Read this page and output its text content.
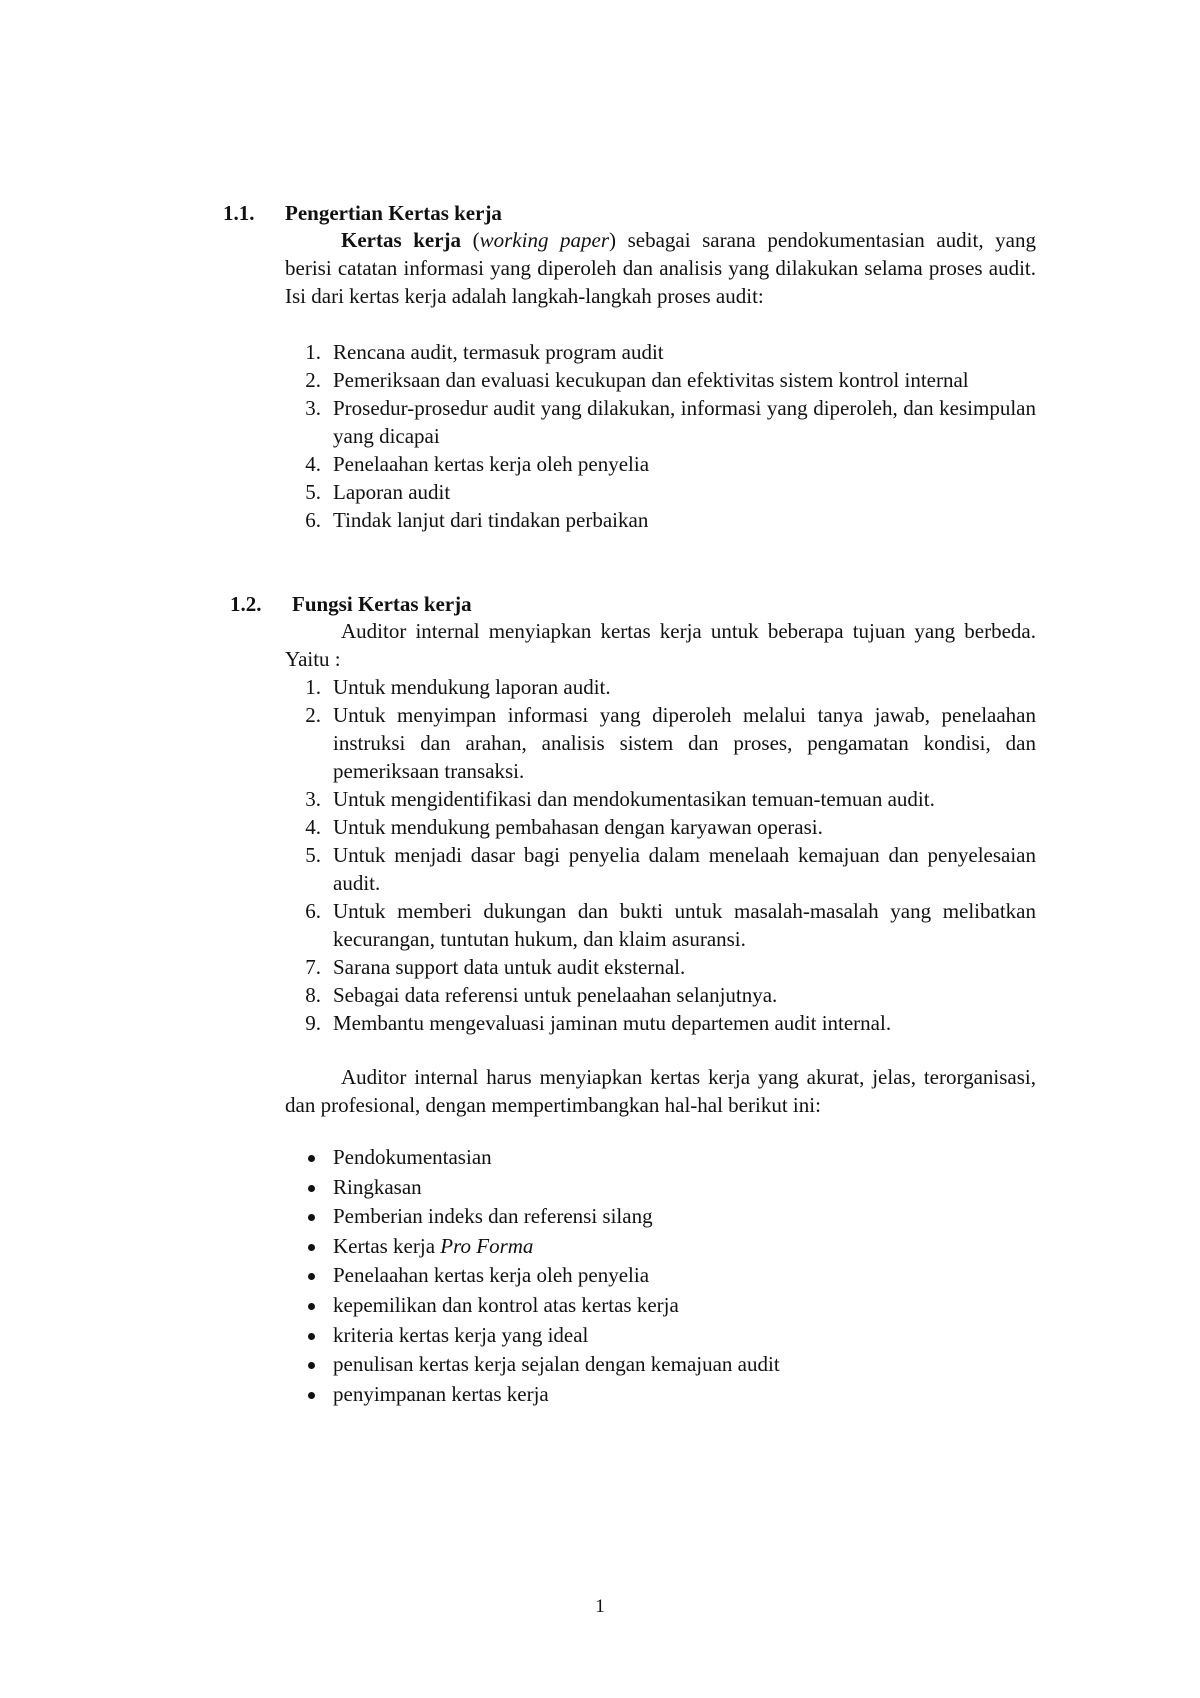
1.1. Pengertian Kertas kerja
Kertas kerja (working paper) sebagai sarana pendokumentasian audit, yang berisi catatan informasi yang diperoleh dan analisis yang dilakukan selama proses audit. Isi dari kertas kerja adalah langkah-langkah proses audit:
1. Rencana audit, termasuk program audit
2. Pemeriksaan dan evaluasi kecukupan dan efektivitas sistem kontrol internal
3. Prosedur-prosedur audit yang dilakukan, informasi yang diperoleh, dan kesimpulan yang dicapai
4. Penelaahan kertas kerja oleh penyelia
5. Laporan audit
6. Tindak lanjut dari tindakan perbaikan
1.2. Fungsi Kertas kerja
Auditor internal menyiapkan kertas kerja untuk beberapa tujuan yang berbeda. Yaitu :
1. Untuk mendukung laporan audit.
2. Untuk menyimpan informasi yang diperoleh melalui tanya jawab, penelaahan instruksi dan arahan, analisis sistem dan proses, pengamatan kondisi, dan pemeriksaan transaksi.
3. Untuk mengidentifikasi dan mendokumentasikan temuan-temuan audit.
4. Untuk mendukung pembahasan dengan karyawan operasi.
5. Untuk menjadi dasar bagi penyelia dalam menelaah kemajuan dan penyelesaian audit.
6. Untuk memberi dukungan dan bukti untuk masalah-masalah yang melibatkan kecurangan, tuntutan hukum, dan klaim asuransi.
7. Sarana support data untuk audit eksternal.
8. Sebagai data referensi untuk penelaahan selanjutnya.
9. Membantu mengevaluasi jaminan mutu departemen audit internal.
Auditor internal harus menyiapkan kertas kerja yang akurat, jelas, terorganisasi, dan profesional, dengan mempertimbangkan hal-hal berikut ini:
Pendokumentasian
Ringkasan
Pemberian indeks dan referensi silang
Kertas kerja Pro Forma
Penelaahan kertas kerja oleh penyelia
kepemilikan dan kontrol atas kertas kerja
kriteria kertas kerja yang ideal
penulisan kertas kerja sejalan dengan kemajuan audit
penyimpanan kertas kerja
1
